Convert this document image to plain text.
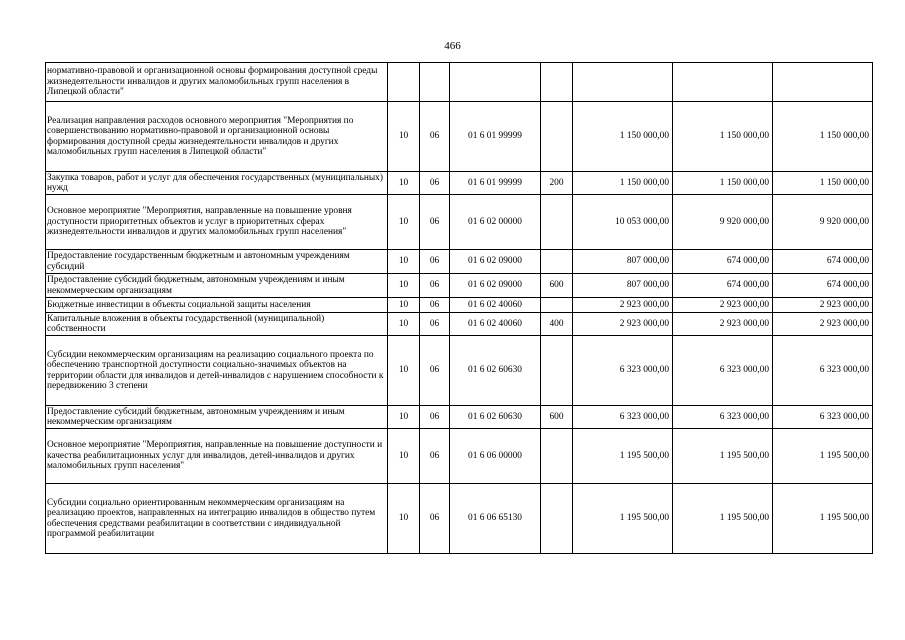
466
нормативно-правовой и организационной основы формирования доступной среды жизнедеятельности инвалидов и других маломобильных групп населения в Липецкой области"							
Реализация направления расходов основного мероприятия "Мероприятия по совершенствованию нормативно-правовой и организационной основы формирования доступной среды жизнедеятельности инвалидов и других маломобильных групп населения в Липецкой области"	10	06	01 6 01 99999		1 150 000,00	1 150 000,00	1 150 000,00
Закупка товаров, работ и услуг для обеспечения государственных (муниципальных) нужд	10	06	01 6 01 99999	200	1 150 000,00	1 150 000,00	1 150 000,00
Основное мероприятие "Мероприятия, направленные на повышение уровня доступности приоритетных объектов и услуг в приоритетных сферах жизнедеятельности инвалидов и других маломобильных групп населения"	10	06	01 6 02 00000		10 053 000,00	9 920 000,00	9 920 000,00
Предоставление государственным бюджетным и автономным учреждениям субсидий	10	06	01 6 02 09000		807 000,00	674 000,00	674 000,00
Предоставление субсидий бюджетным, автономным учреждениям и иным некоммерческим организациям	10	06	01 6 02 09000	600	807 000,00	674 000,00	674 000,00
Бюджетные инвестиции в объекты социальной защиты населения	10	06	01 6 02 40060		2 923 000,00	2 923 000,00	2 923 000,00
Капитальные вложения в объекты государственной (муниципальной) собственности	10	06	01 6 02 40060	400	2 923 000,00	2 923 000,00	2 923 000,00
Субсидии некоммерческим организациям на реализацию социального проекта по обеспечению транспортной доступности социально-значимых объектов на территории области для инвалидов и детей-инвалидов с нарушением способности к передвижению 3 степени	10	06	01 6 02 60630		6 323 000,00	6 323 000,00	6 323 000,00
Предоставление субсидий бюджетным, автономным учреждениям и иным некоммерческим организациям	10	06	01 6 02 60630	600	6 323 000,00	6 323 000,00	6 323 000,00
Основное мероприятие "Мероприятия, направленные на повышение доступности и качества реабилитационных услуг для инвалидов, детей-инвалидов и других маломобильных групп населения"	10	06	01 6 06 00000		1 195 500,00	1 195 500,00	1 195 500,00
Субсидии социально ориентированным некоммерческим организациям на реализацию проектов, направленных на интеграцию инвалидов в общество путем обеспечения средствами реабилитации в соответствии с индивидуальной программой реабилитации	10	06	01 6 06 65130		1 195 500,00	1 195 500,00	1 195 500,00
